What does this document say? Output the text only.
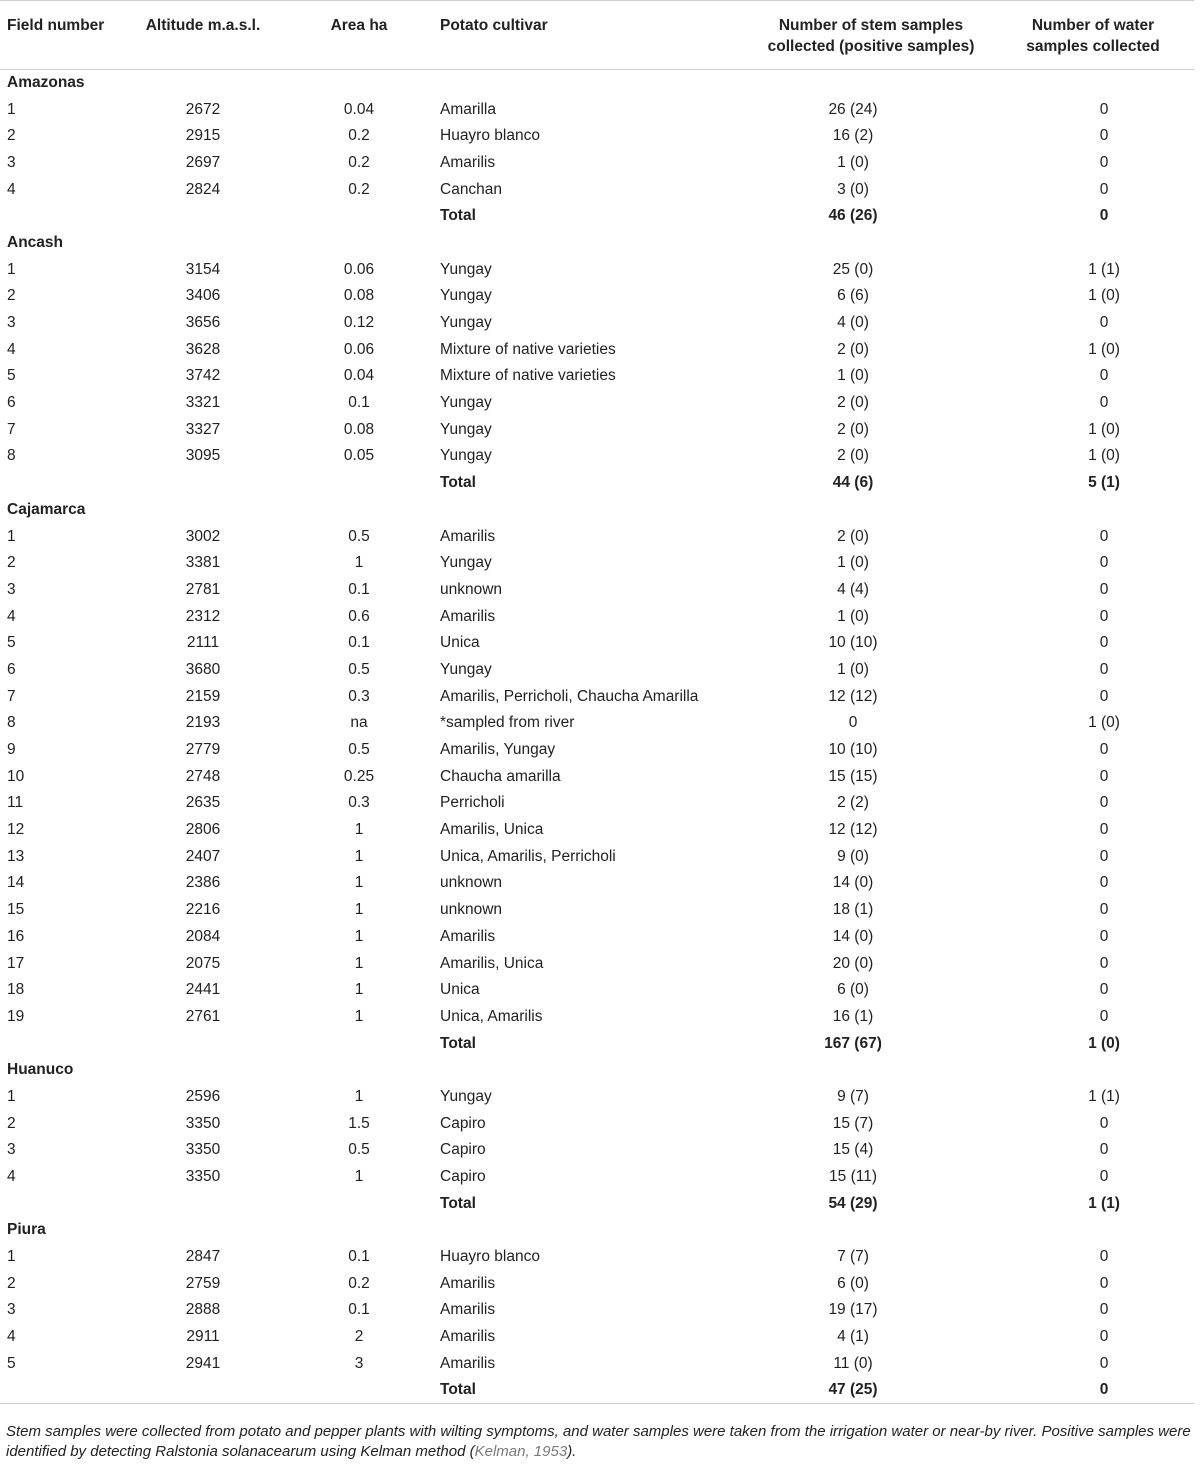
Field number	Altitude m.a.s.l.	Area ha	Potato cultivar	Number of stem samples collected (positive samples)	Number of water samples collected
Amazonas					
1	2672	0.04	Amarilla	26 (24)	0
2	2915	0.2	Huayro blanco	16 (2)	0
3	2697	0.2	Amarilis	1 (0)	0
4	2824	0.2	Canchan	3 (0)	0
			Total	46 (26)	0
Ancash					
1	3154	0.06	Yungay	25 (0)	1 (1)
2	3406	0.08	Yungay	6 (6)	1 (0)
3	3656	0.12	Yungay	4 (0)	0
4	3628	0.06	Mixture of native varieties	2 (0)	1 (0)
5	3742	0.04	Mixture of native varieties	1 (0)	0
6	3321	0.1	Yungay	2 (0)	0
7	3327	0.08	Yungay	2 (0)	1 (0)
8	3095	0.05	Yungay	2 (0)	1 (0)
			Total	44 (6)	5 (1)
Cajamarca					
1	3002	0.5	Amarilis	2 (0)	0
2	3381	1	Yungay	1 (0)	0
3	2781	0.1	unknown	4 (4)	0
4	2312	0.6	Amarilis	1 (0)	0
5	2111	0.1	Unica	10 (10)	0
6	3680	0.5	Yungay	1 (0)	0
7	2159	0.3	Amarilis, Perricholi, Chaucha Amarilla	12 (12)	0
8	2193	na	*sampled from river	0	1 (0)
9	2779	0.5	Amarilis, Yungay	10 (10)	0
10	2748	0.25	Chaucha amarilla	15 (15)	0
11	2635	0.3	Perricholi	2 (2)	0
12	2806	1	Amarilis, Unica	12 (12)	0
13	2407	1	Unica, Amarilis, Perricholi	9 (0)	0
14	2386	1	unknown	14 (0)	0
15	2216	1	unknown	18 (1)	0
16	2084	1	Amarilis	14 (0)	0
17	2075	1	Amarilis, Unica	20 (0)	0
18	2441	1	Unica	6 (0)	0
19	2761	1	Unica, Amarilis	16 (1)	0
			Total	167 (67)	1 (0)
Huanuco					
1	2596	1	Yungay	9 (7)	1 (1)
2	3350	1.5	Capiro	15 (7)	0
3	3350	0.5	Capiro	15 (4)	0
4	3350	1	Capiro	15 (11)	0
			Total	54 (29)	1 (1)
Piura					
1	2847	0.1	Huayro blanco	7 (7)	0
2	2759	0.2	Amarilis	6 (0)	0
3	2888	0.1	Amarilis	19 (17)	0
4	2911	2	Amarilis	4 (1)	0
5	2941	3	Amarilis	11 (0)	0
			Total	47 (25)	0

Stem samples were collected from potato and pepper plants with wilting symptoms, and water samples were taken from the irrigation water or near-by river. Positive samples were identified by detecting Ralstonia solanacearum using Kelman method (Kelman, 1953).
